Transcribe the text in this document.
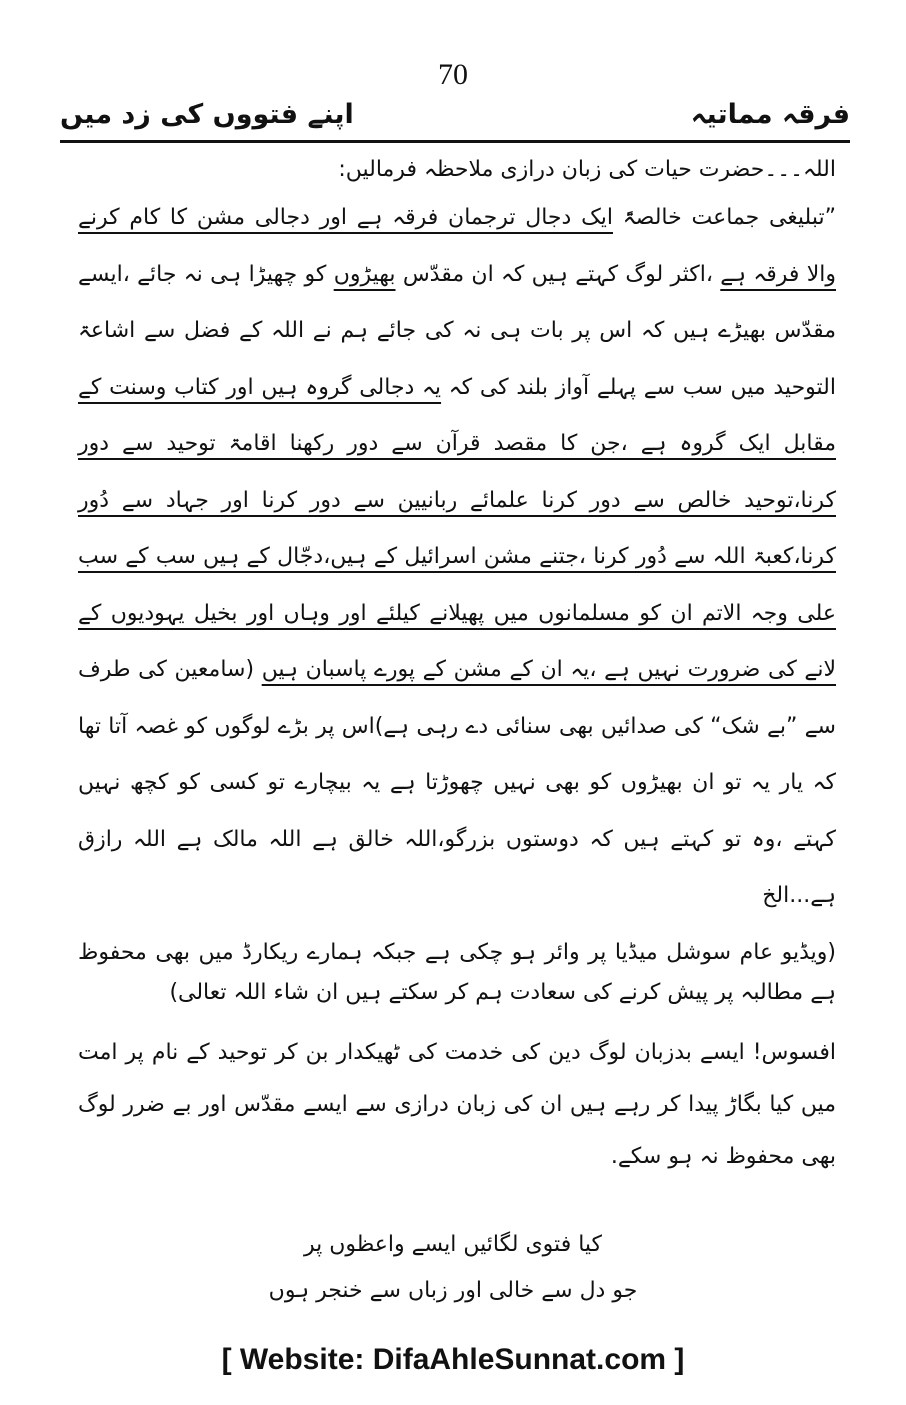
70
فرقہ مماتیہ
اپنے فتووں کی زد میں

اللہ۔۔۔حضرت حیات کی زبان درازی ملاحظہ فرمالیں:

”تبلیغی جماعت خالصۃً ایک دجال ترجمان فرقہ ہے اور دجالی مشن کا کام کرنے والا فرقہ ہے ،اکثر لوگ کہتے ہیں کہ ان مقدّس بھیڑوں کو چھیڑا ہی نہ جائے ،ایسے مقدّس بھیڑے ہیں کہ اس پر بات ہی نہ کی جائے ہم نے اللہ کے فضل سے اشاعۃ التوحید میں سب سے پہلے آواز بلند کی کہ یہ دجالی گروہ ہیں اور کتاب وسنت کے مقابل ایک گروہ ہے ،جن کا مقصد قرآن سے دور رکھنا اقامۃ توحید سے دور کرنا،توحید خالص سے دور کرنا علمائے ربانیین سے دور کرنا اور جہاد سے دُور کرنا،کعبۃ اللہ سے دُور کرنا ،جتنے مشن اسرائیل کے ہیں،دجّال کے ہیں سب کے سب علی وجہ الاتم ان کو مسلمانوں میں پھیلانے کیلئے اور وہاں اور بخیل یہودیوں کے لانے کی ضرورت نہیں ہے ،یہ ان کے مشن کے پورے پاسبان ہیں (سامعین کی طرف سے ”بے شک“ کی صدائیں بھی سنائی دے رہی ہے)اس پر بڑے لوگوں کو غصہ آتا تھا کہ یار یہ تو ان بھیڑوں کو بھی نہیں چھوڑتا ہے یہ بیچارے تو کسی کو کچھ نہیں کہتے ،وہ تو کہتے ہیں کہ دوستوں بزرگو،اللہ خالق ہے اللہ مالک ہے اللہ رازق ہے...الخ

(ویڈیو عام سوشل میڈیا پر وائر ہو چکی ہے جبکہ ہمارے ریکارڈ میں بھی محفوظ ہے مطالبہ پر پیش کرنے کی سعادت ہم کر سکتے ہیں ان شاء اللہ تعالی)

افسوس! ایسے بدزبان لوگ دین کی خدمت کی ٹھیکدار بن کر توحید کے نام پر امت میں کیا بگاڑ پیدا کر رہے ہیں ان کی زبان درازی سے ایسے مقدّس اور بے ضرر لوگ بھی محفوظ نہ ہو سکے.

کیا فتوی لگائیں ایسے واعظوں پر
جو دل سے خالی اور زباں سے خنجر ہوں
[ Website: DifaAhleSunnat.com ]
